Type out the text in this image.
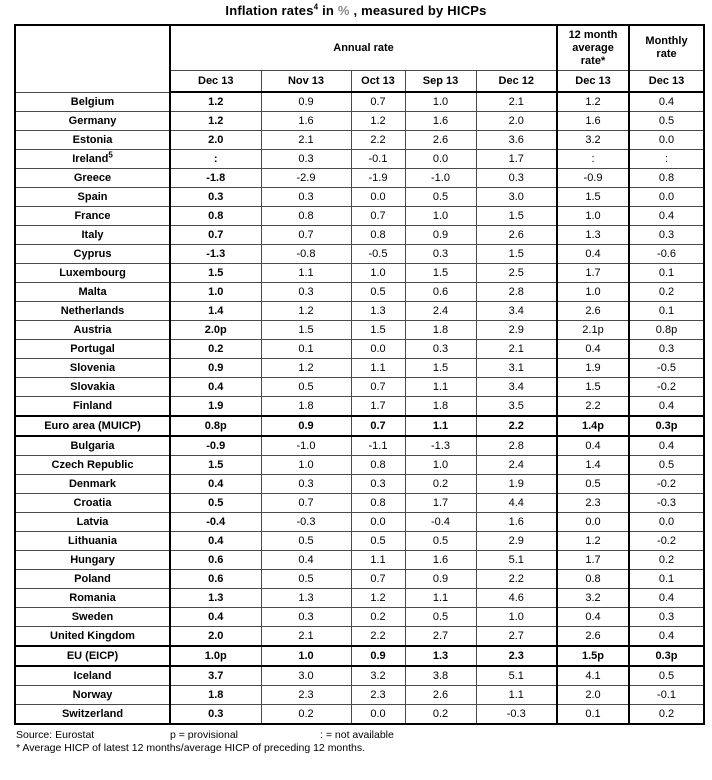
Inflation rates$^4$ in % , measured by HICPs
	Annual rate	
12 month
average
rate*

Monthly
rate

	Dec 13	Nov 13	Oct 13	Sep 13	Dec 12	Dec 13	Dec 13
Belgium	1.2	0.9	0.7	1.0	2.1	1.2	0.4
Germany	1.2	1.6	1.2	1.6	2.0	1.6	0.5
Estonia	2.0	2.1	2.2	2.6	3.6	3.2	0.0
Ireland$^5$	:	0.3	-0.1	0.0	1.7	:	:
Greece	-1.8	-2.9	-1.9	-1.0	0.3	-0.9	0.8
Spain	0.3	0.3	0.0	0.5	3.0	1.5	0.0
France	0.8	0.8	0.7	1.0	1.5	1.0	0.4
Italy	0.7	0.7	0.8	0.9	2.6	1.3	0.3
Cyprus	-1.3	-0.8	-0.5	0.3	1.5	0.4	-0.6
Luxembourg	1.5	1.1	1.0	1.5	2.5	1.7	0.1
Malta	1.0	0.3	0.5	0.6	2.8	1.0	0.2
Netherlands	1.4	1.2	1.3	2.4	3.4	2.6	0.1
Austria	2.0p	1.5	1.5	1.8	2.9	2.1p	0.8p
Portugal	0.2	0.1	0.0	0.3	2.1	0.4	0.3
Slovenia	0.9	1.2	1.1	1.5	3.1	1.9	-0.5
Slovakia	0.4	0.5	0.7	1.1	3.4	1.5	-0.2
Finland	1.9	1.8	1.7	1.8	3.5	2.2	0.4
Euro area (MUICP)	0.8p	0.9	0.7	1.1	2.2	1.4p	0.3p
Bulgaria	-0.9	-1.0	-1.1	-1.3	2.8	0.4	0.4
Czech Republic	1.5	1.0	0.8	1.0	2.4	1.4	0.5
Denmark	0.4	0.3	0.3	0.2	1.9	0.5	-0.2
Croatia	0.5	0.7	0.8	1.7	4.4	2.3	-0.3
Latvia	-0.4	-0.3	0.0	-0.4	1.6	0.0	0.0
Lithuania	0.4	0.5	0.5	0.5	2.9	1.2	-0.2
Hungary	0.6	0.4	1.1	1.6	5.1	1.7	0.2
Poland	0.6	0.5	0.7	0.9	2.2	0.8	0.1
Romania	1.3	1.3	1.2	1.1	4.6	3.2	0.4
Sweden	0.4	0.3	0.2	0.5	1.0	0.4	0.3
United Kingdom	2.0	2.1	2.2	2.7	2.7	2.6	0.4
EU (EICP)	1.0p	1.0	0.9	1.3	2.3	1.5p	0.3p
Iceland	3.7	3.0	3.2	3.8	5.1	4.1	0.5
Norway	1.8	2.3	2.3	2.6	1.1	2.0	-0.1
Switzerland	0.3	0.2	0.0	0.2	-0.3	0.1	0.2
Source: Eurostat	p = provisional	: = not available
* Average HICP of latest 12 months/average HICP of preceding 12 months.
